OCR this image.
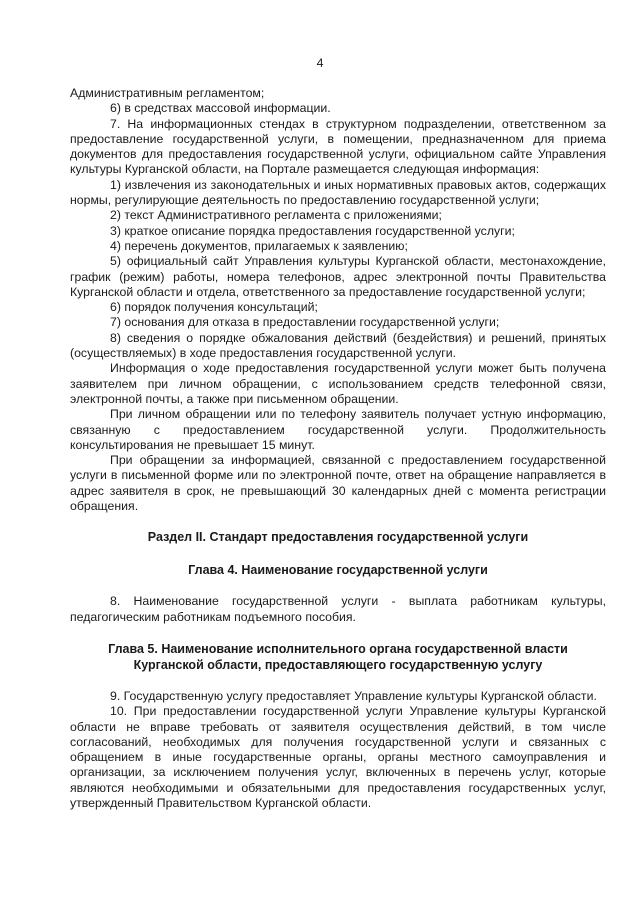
4

Административным регламентом;

6) в средствах массовой информации.

7. На информационных стендах в структурном подразделении, ответственном за предоставление государственной услуги, в помещении, предназначенном для приема документов для предоставления государственной услуги, официальном сайте Управления культуры Курганской области, на Портале размещается следующая информация:

1) извлечения из законодательных и иных нормативных правовых актов, содержащих нормы, регулирующие деятельность по предоставлению государственной услуги;

2) текст Административного регламента с приложениями;

3) краткое описание порядка предоставления государственной услуги;

4) перечень документов, прилагаемых к заявлению;

5) официальный сайт Управления культуры Курганской области, местонахождение, график (режим) работы, номера телефонов, адрес электронной почты Правительства Курганской области и отдела, ответственного за предоставление государственной услуги;

6) порядок получения консультаций;

7) основания для отказа в предоставлении государственной услуги;

8) сведения о порядке обжалования действий (бездействия) и решений, принятых (осуществляемых) в ходе предоставления государственной услуги.

Информация о ходе предоставления государственной услуги может быть получена заявителем при личном обращении, с использованием средств телефонной связи, электронной почты, а также при письменном обращении.

При личном обращении или по телефону заявитель получает устную информацию, связанную с предоставлением государственной услуги. Продолжительность консультирования не превышает 15 минут.

При обращении за информацией, связанной с предоставлением государственной услуги в письменной форме или по электронной почте, ответ на обращение направляется в адрес заявителя в срок, не превышающий 30 календарных дней с момента регистрации обращения.

Раздел II. Стандарт предоставления государственной услуги

Глава 4. Наименование государственной услуги

8. Наименование государственной услуги - выплата работникам культуры, педагогическим работникам подъемного пособия.

Глава 5. Наименование исполнительного органа государственной власти

Курганской области, предоставляющего государственную услугу

9. Государственную услугу предоставляет Управление культуры Курганской области.

10. При предоставлении государственной услуги Управление культуры Курганской области не вправе требовать от заявителя осуществления действий, в том числе согласований, необходимых для получения государственной услуги и связанных с обращением в иные государственные органы, органы местного самоуправления и организации, за исключением получения услуг, включенных в перечень услуг, которые являются необходимыми и обязательными для предоставления государственных услуг, утвержденный Правительством Курганской области.
